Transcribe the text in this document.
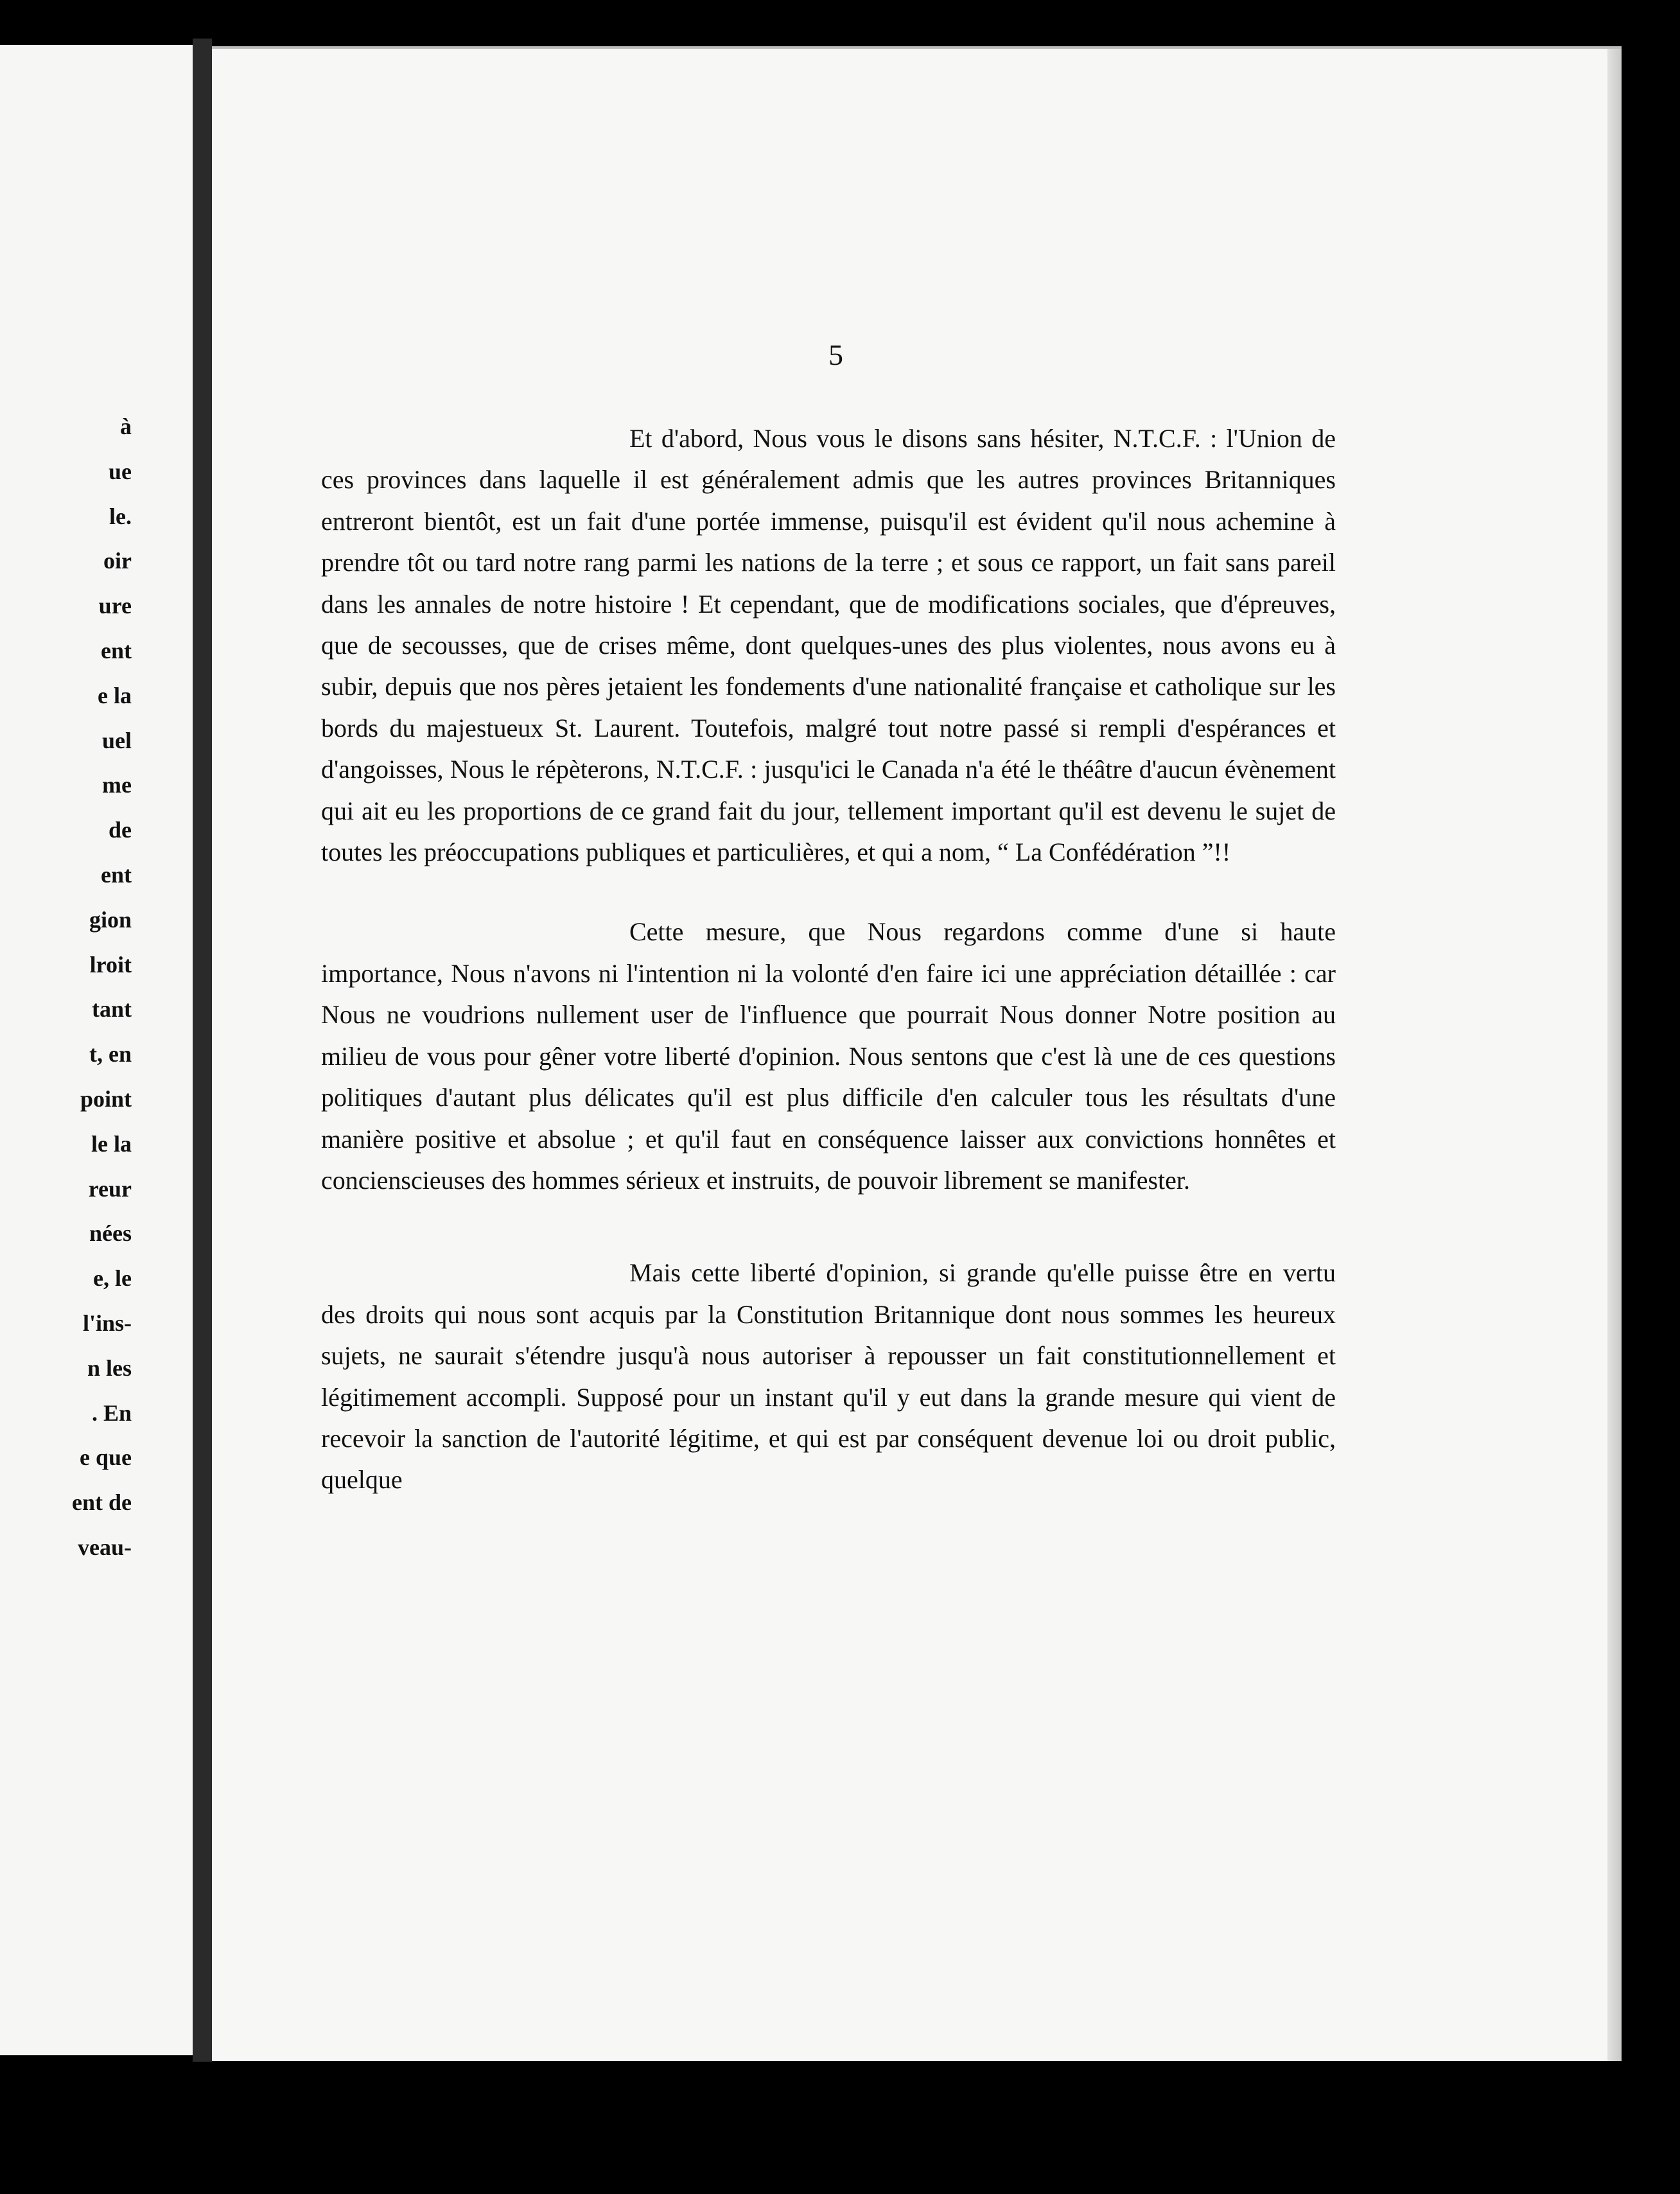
à
ue
le.
oir
ure
ent
e la
uel
me
de
ent
gion
lroit
tant
t, en
point
le la
reur
nées
e, le
l'ins-
n les
. En
e que
ent de
veau-
5

Et d'abord, Nous vous le disons sans hésiter, N.T.C.F. : l'Union de ces provinces dans laquelle il est généralement admis que les autres provinces Britanniques entreront bientôt, est un fait d'une portée immense, puisqu'il est évident qu'il nous achemine à prendre tôt ou tard notre rang parmi les nations de la terre ; et sous ce rapport, un fait sans pareil dans les annales de notre histoire ! Et cependant, que de modifications sociales, que d'épreuves, que de secousses, que de crises même, dont quelques-unes des plus violentes, nous avons eu à subir, depuis que nos pères jetaient les fondements d'une nationalité française et catholique sur les bords du majestueux St. Laurent. Toutefois, malgré tout notre passé si rempli d'espérances et d'angoisses, Nous le répèterons, N.T.C.F. : jusqu'ici le Canada n'a été le théâtre d'aucun évènement qui ait eu les proportions de ce grand fait du jour, tellement important qu'il est devenu le sujet de toutes les préoccupations publiques et particulières, et qui a nom, “ La Confédération ”!!

Cette mesure, que Nous regardons comme d'une si haute importance, Nous n'avons ni l'intention ni la volonté d'en faire ici une appréciation détaillée : car Nous ne voudrions nullement user de l'influence que pourrait Nous donner Notre position au milieu de vous pour gêner votre liberté d'opinion. Nous sentons que c'est là une de ces questions politiques d'autant plus délicates qu'il est plus difficile d'en calculer tous les résultats d'une manière positive et absolue ; et qu'il faut en conséquence laisser aux convictions honnêtes et concienscieuses des hommes sérieux et instruits, de pouvoir librement se manifester.

Mais cette liberté d'opinion, si grande qu'elle puisse être en vertu des droits qui nous sont acquis par la Constitution Britannique dont nous sommes les heureux sujets, ne saurait s'étendre jusqu'à nous autoriser à repousser un fait constitutionnellement et légitimement accompli. Supposé pour un instant qu'il y eut dans la grande mesure qui vient de recevoir la sanction de l'autorité légitime, et qui est par conséquent devenue loi ou droit public, quelque
